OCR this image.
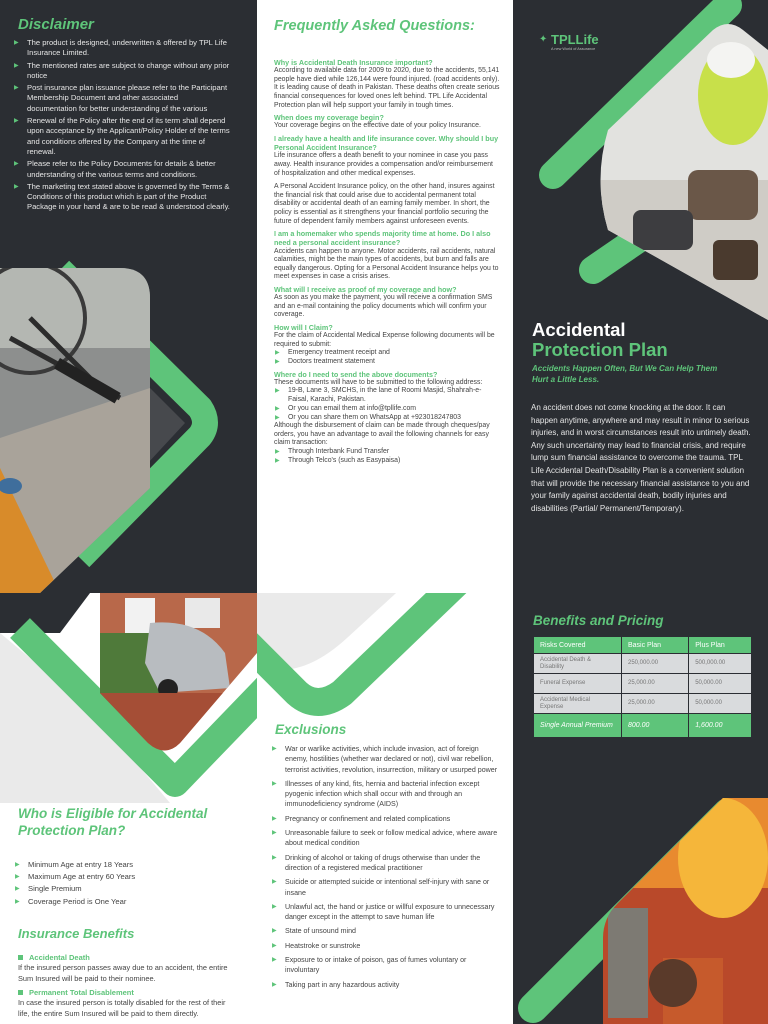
Disclaimer
▶ The product is designed, underwritten & offered by TPL Life Insurance Limited.
▶ The mentioned rates are subject to change without any prior notice
▶ Post insurance plan issuance please refer to the Participant Membership Document and other associated documentation for better understanding of the various
▶ Renewal of the Policy after the end of its term shall depend upon acceptance by the Applicant/Policy Holder of the terms and conditions offered by the Company at the time of renewal.
▶ Please refer to the Policy Documents for details & better understanding of the various terms and conditions.
▶ The marketing text stated above is governed by the Terms & Conditions of this product which is part of the Product Package in your hand & are to be read & understood clearly.
Frequently Asked Questions:
Why is Accidental Death Insurance important?
According to available data for 2009 to 2020, due to the accidents, 55,141 people have died while 126,144 were found injured. (road accidents only). It is leading cause of death in Pakistan. These deaths often create serious financial consequences for loved ones left behind. TPL Life Accidental Protection plan will help support your family in tough times.
When does my coverage begin?
Your coverage begins on the effective date of your policy Insurance.
I already have a health and life insurance cover. Why should I buy Personal Accident Insurance?
Life insurance offers a death benefit to your nominee in case you pass away. Health insurance provides a compensation and/or reimbursement of hospitalization and other medical expenses.
A Personal Accident Insurance policy, on the other hand, insures against the financial risk that could arise due to accidental permanent total disability or accidental death of an earning family member. In short, the policy is essential as it strengthens your financial portfolio securing the future of dependent family members against unforeseen events.
I am a homemaker who spends majority time at home. Do I also need a personal accident insurance?
Accidents can happen to anyone. Motor accidents, rail accidents, natural calamities, might be the main types of accidents, but burn and falls are equally dangerous. Opting for a Personal Accident Insurance helps you to meet expenses in case a crisis arises.
What will I receive as proof of my coverage and how?
As soon as you make the payment, you will receive a confirmation SMS and an e-mail containing the policy documents which will confirm your coverage.
How will I Claim?
For the claim of Accidental Medical Expense following documents will be required to submit:
▶ Emergency treatment receipt and
▶ Doctors treatment statement
Where do I need to send the above documents?
These documents will have to be submitted to the following address:
▶ 19-B, Lane 3, SMCHS, in the lane of Roomi Masjid, Shahrah-e-Faisal, Karachi, Pakistan.
▶ Or you can email them at info@tpllife.com
▶ Or you can share them on WhatsApp at +923018247803
Although the disbursement of claim can be made through cheques/pay orders, you have an advantage to avail the following channels for easy claim transaction:
▶ Through Interbank Fund Transfer
▶ Through Telco's (such as Easypaisa)
✦ TPLLife
A new World of Assurance
Accidental
Protection Plan
Accidents Happen Often, But We Can Help Them Hurt a Little Less.
An accident does not come knocking at the door. It can happen anytime, anywhere and may result in minor to serious injuries, and in worst circumstances result into untimely death. Any such uncertainty may lead to financial crisis, and require lump sum financial assistance to overcome the trauma. TPL Life Accidental Death/Disability Plan is a convenient solution that will provide the necessary financial assistance to you and your family against accidental death, bodily injuries and disabilities (Partial/ Permanent/Temporary).
Who is Eligible for Accidental Protection Plan?
▶ Minimum Age at entry 18 Years
▶ Maximum Age at entry 60 Years
▶ Single Premium
▶ Coverage Period is One Year
Insurance Benefits
Accidental Death
If the insured person passes away due to an accident, the entire Sum Insured will be paid to their nominee.
Permanent Total Disablement
In case the insured person is totally disabled for the rest of their life, the entire Sum Insured will be paid to them directly.
Exclusions
▶ War or warlike activities, which include invasion, act of foreign enemy, hostilities (whether war declared or not), civil war rebellion, terrorist activities, revolution, insurrection, military or usurped power
▶ Illnesses of any kind, fits, hernia and bacterial infection except pyogenic infection which shall occur with and through an immunodeficiency syndrome (AIDS)
▶ Pregnancy or confinement and related complications
▶ Unreasonable failure to seek or follow medical advice, where aware about medical condition
▶ Drinking of alcohol or taking of drugs otherwise than under the direction of a registered medical practitioner
▶ Suicide or attempted suicide or intentional self-injury with sane or insane
▶ Unlawful act, the hand or justice or willful exposure to unnecessary danger except in the attempt to save human life
▶ State of unsound mind
▶ Heatstroke or sunstroke
▶ Exposure to or intake of poison, gas of fumes voluntary or involuntary
▶ Taking part in any hazardous activity
Benefits and Pricing
Risks Covered	Basic Plan	Plus Plan
Accidental Death & Disability	250,000.00	500,000.00
Funeral Expense	25,000.00	50,000.00
Accidental Medical Expense	25,000.00	50,000.00
Single Annual Premium	800.00	1,600.00
